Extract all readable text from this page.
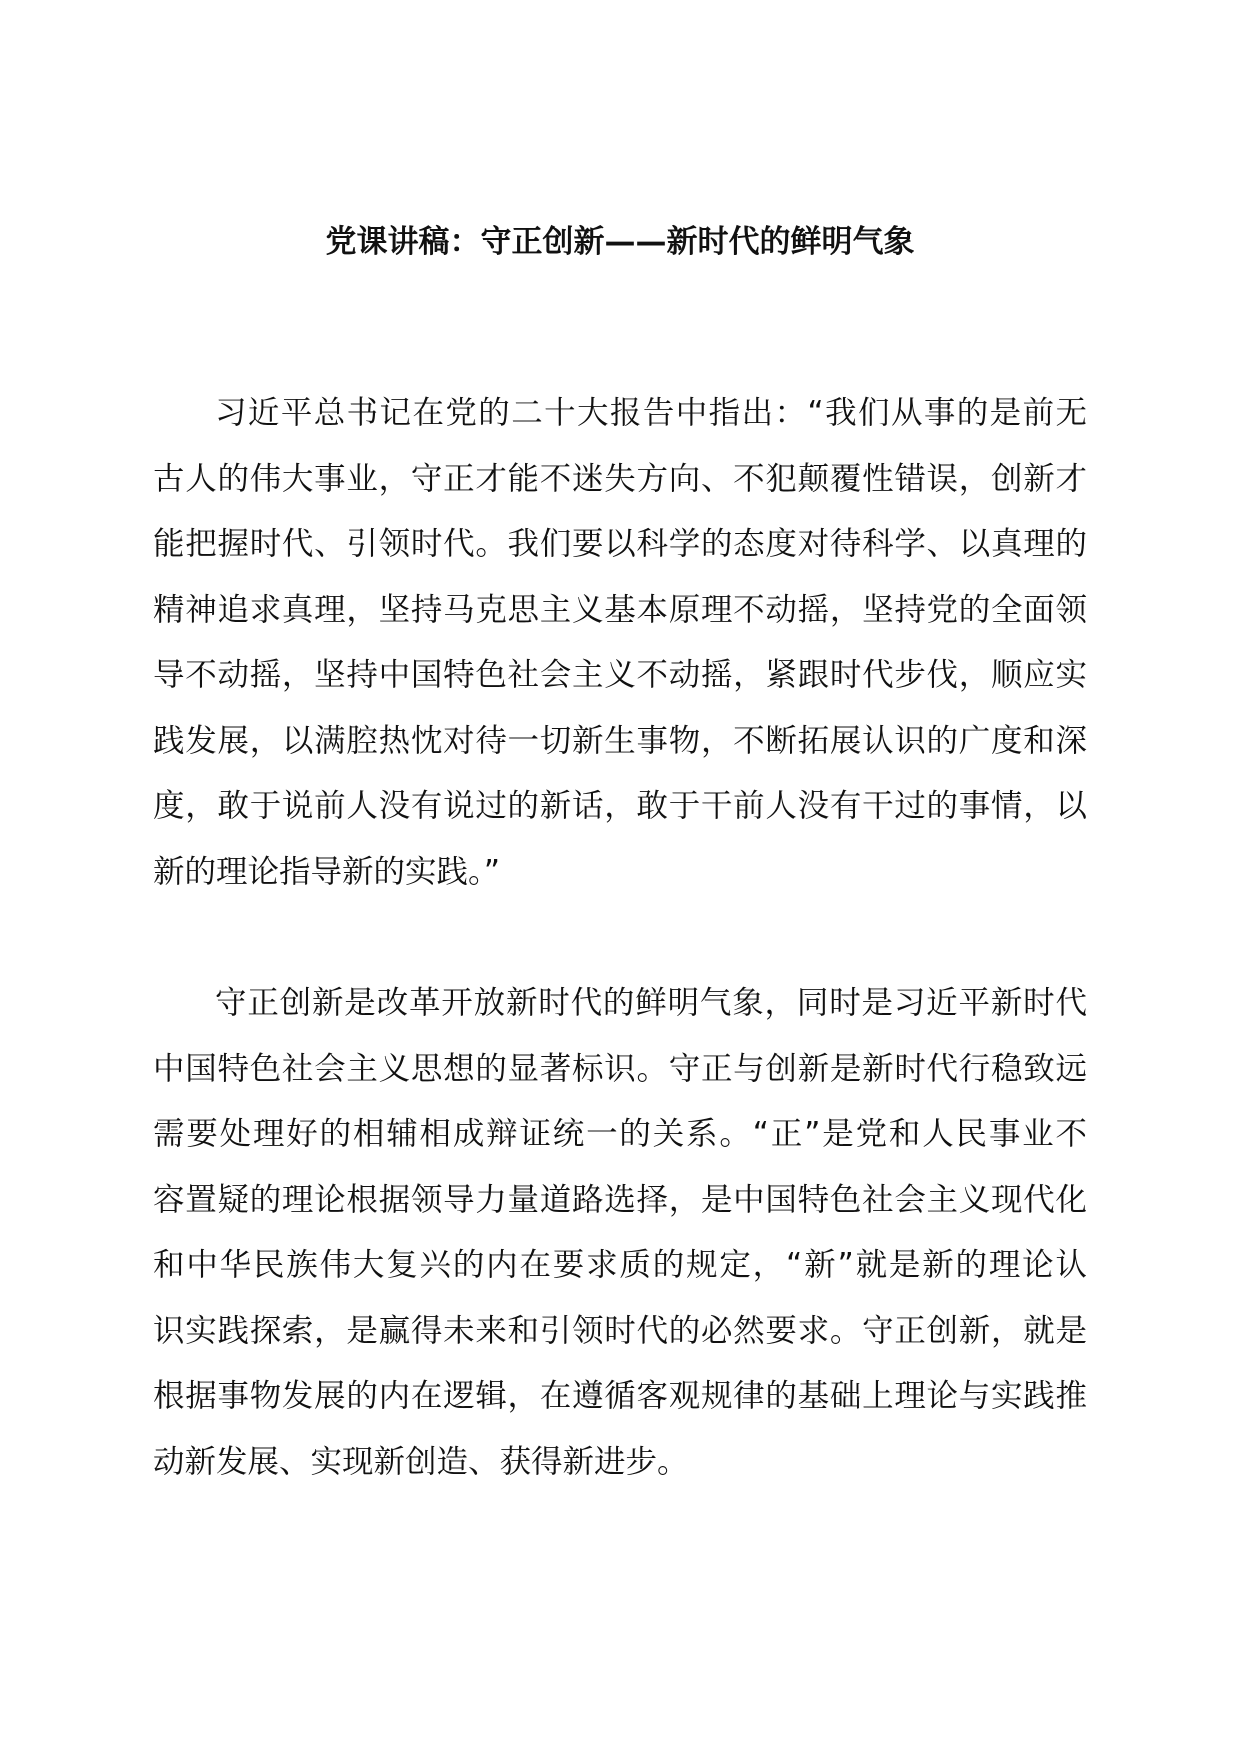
党课讲稿：守正创新——新时代的鲜明气象
习近平总书记在党的二十大报告中指出：“我们从事的是前无
古人的伟大事业，守正才能不迷失方向、不犯颠覆性错误，创新才
能把握时代、引领时代。我们要以科学的态度对待科学、以真理的
精神追求真理，坚持马克思主义基本原理不动摇，坚持党的全面领
导不动摇，坚持中国特色社会主义不动摇，紧跟时代步伐，顺应实
践发展，以满腔热忱对待一切新生事物，不断拓展认识的广度和深
度，敢于说前人没有说过的新话，敢于干前人没有干过的事情，以
新的理论指导新的实践。”
守正创新是改革开放新时代的鲜明气象，同时是习近平新时代
中国特色社会主义思想的显著标识。守正与创新是新时代行稳致远
需要处理好的相辅相成辩证统一的关系。“正”是党和人民事业不
容置疑的理论根据领导力量道路选择，是中国特色社会主义现代化
和中华民族伟大复兴的内在要求质的规定，“新”就是新的理论认
识实践探索，是赢得未来和引领时代的必然要求。守正创新，就是
根据事物发展的内在逻辑，在遵循客观规律的基础上理论与实践推
动新发展、实现新创造、获得新进步。
